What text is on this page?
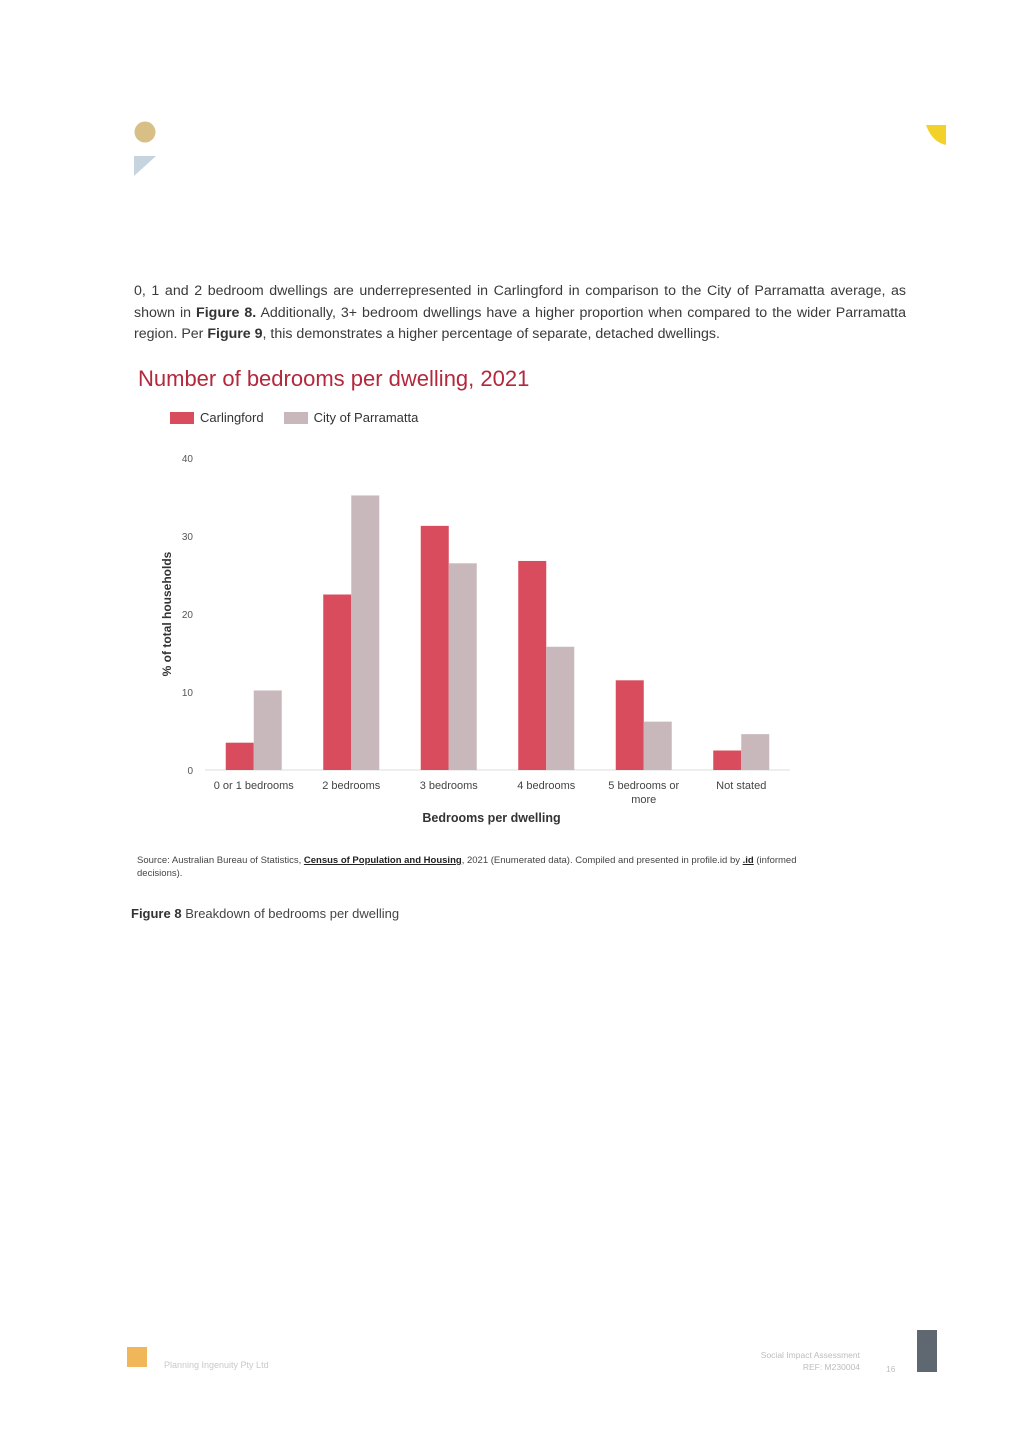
0, 1 and 2 bedroom dwellings are underrepresented in Carlingford in comparison to the City of Parramatta average, as shown in Figure 8. Additionally, 3+ bedroom dwellings have a higher proportion when compared to the wider Parramatta region. Per Figure 9, this demonstrates a higher percentage of separate, detached dwellings.

Number of bedrooms per dwelling, 2021
Carlingford	City of Parramatta
0
10
20
30
40
% of total households
0 or 1 bedrooms	2 bedrooms	3 bedrooms	4 bedrooms	5 bedrooms or
more
Not stated
Bedrooms per dwelling

Source: Australian Bureau of Statistics, Census of Population and Housing, 2021 (Enumerated data). Compiled and presented in profile.id by .id (informed decisions).

Figure 8 Breakdown of bedrooms per dwelling
Planning Ingenuity Pty Ltd
Social Impact Assessment
REF: M230004	16
